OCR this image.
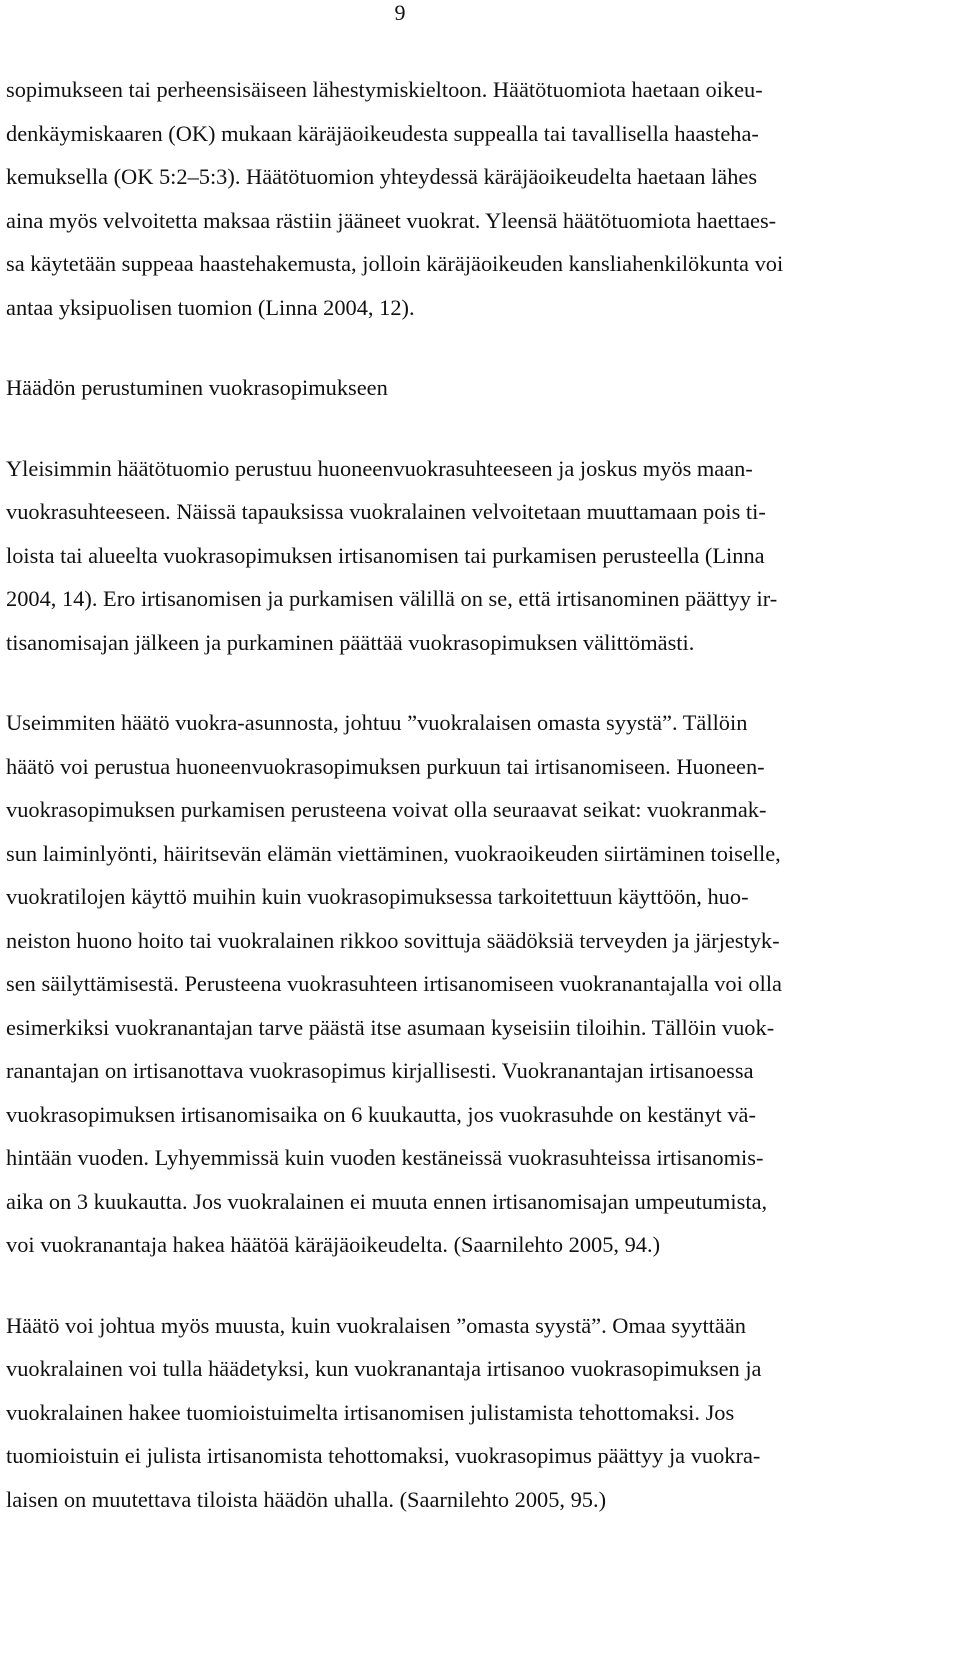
9

sopimukseen tai perheensisäiseen lähestymiskieltoon. Häätötuomiota haetaan oikeu-
denkäymiskaaren (OK) mukaan käräjäoikeudesta suppealla tai tavallisella haasteha-
kemuksella (OK 5:2–5:3). Häätötuomion yhteydessä käräjäoikeudelta haetaan lähes
aina myös velvoitetta maksaa rästiin jääneet vuokrat. Yleensä häätötuomiota haettaes-
sa käytetään suppeaa haastehakemusta, jolloin käräjäoikeuden kansliahenkilökunta voi
antaa yksipuolisen tuomion (Linna 2004, 12).

Häädön perustuminen vuokrasopimukseen

Yleisimmin häätötuomio perustuu huoneenvuokrasuhteeseen ja joskus myös maan-
vuokrasuhteeseen. Näissä tapauksissa vuokralainen velvoitetaan muuttamaan pois ti-
loista tai alueelta vuokrasopimuksen irtisanomisen tai purkamisen perusteella (Linna
2004, 14). Ero irtisanomisen ja purkamisen välillä on se, että irtisanominen päättyy ir-
tisanomisajan jälkeen ja purkaminen päättää vuokrasopimuksen välittömästi.

Useimmiten häätö vuokra-asunnosta, johtuu ”vuokralaisen omasta syystä”. Tällöin
häätö voi perustua huoneenvuokrasopimuksen purkuun tai irtisanomiseen. Huoneen-
vuokrasopimuksen purkamisen perusteena voivat olla seuraavat seikat: vuokranmak-
sun laiminlyönti, häiritsevän elämän viettäminen, vuokraoikeuden siirtäminen toiselle,
vuokratilojen käyttö muihin kuin vuokrasopimuksessa tarkoitettuun käyttöön, huo-
neiston huono hoito tai vuokralainen rikkoo sovittuja säädöksiä terveyden ja järjestyk-
sen säilyttämisestä. Perusteena vuokrasuhteen irtisanomiseen vuokranantajalla voi olla
esimerkiksi vuokranantajan tarve päästä itse asumaan kyseisiin tiloihin. Tällöin vuok-
ranantajan on irtisanottava vuokrasopimus kirjallisesti. Vuokranantajan irtisanoessa
vuokrasopimuksen irtisanomisaika on 6 kuukautta, jos vuokrasuhde on kestänyt vä-
hintään vuoden. Lyhyemmissä kuin vuoden kestäneissä vuokrasuhteissa irtisanomis-
aika on 3 kuukautta. Jos vuokralainen ei muuta ennen irtisanomisajan umpeutumista,
voi vuokranantaja hakea häätöä käräjäoikeudelta. (Saarnilehto 2005, 94.)

Häätö voi johtua myös muusta, kuin vuokralaisen ”omasta syystä”. Omaa syyttään
vuokralainen voi tulla häädetyksi, kun vuokranantaja irtisanoo vuokrasopimuksen ja
vuokralainen hakee tuomioistuimelta irtisanomisen julistamista tehottomaksi. Jos
tuomioistuin ei julista irtisanomista tehottomaksi, vuokrasopimus päättyy ja vuokra-
laisen on muutettava tiloista häädön uhalla. (Saarnilehto 2005, 95.)
